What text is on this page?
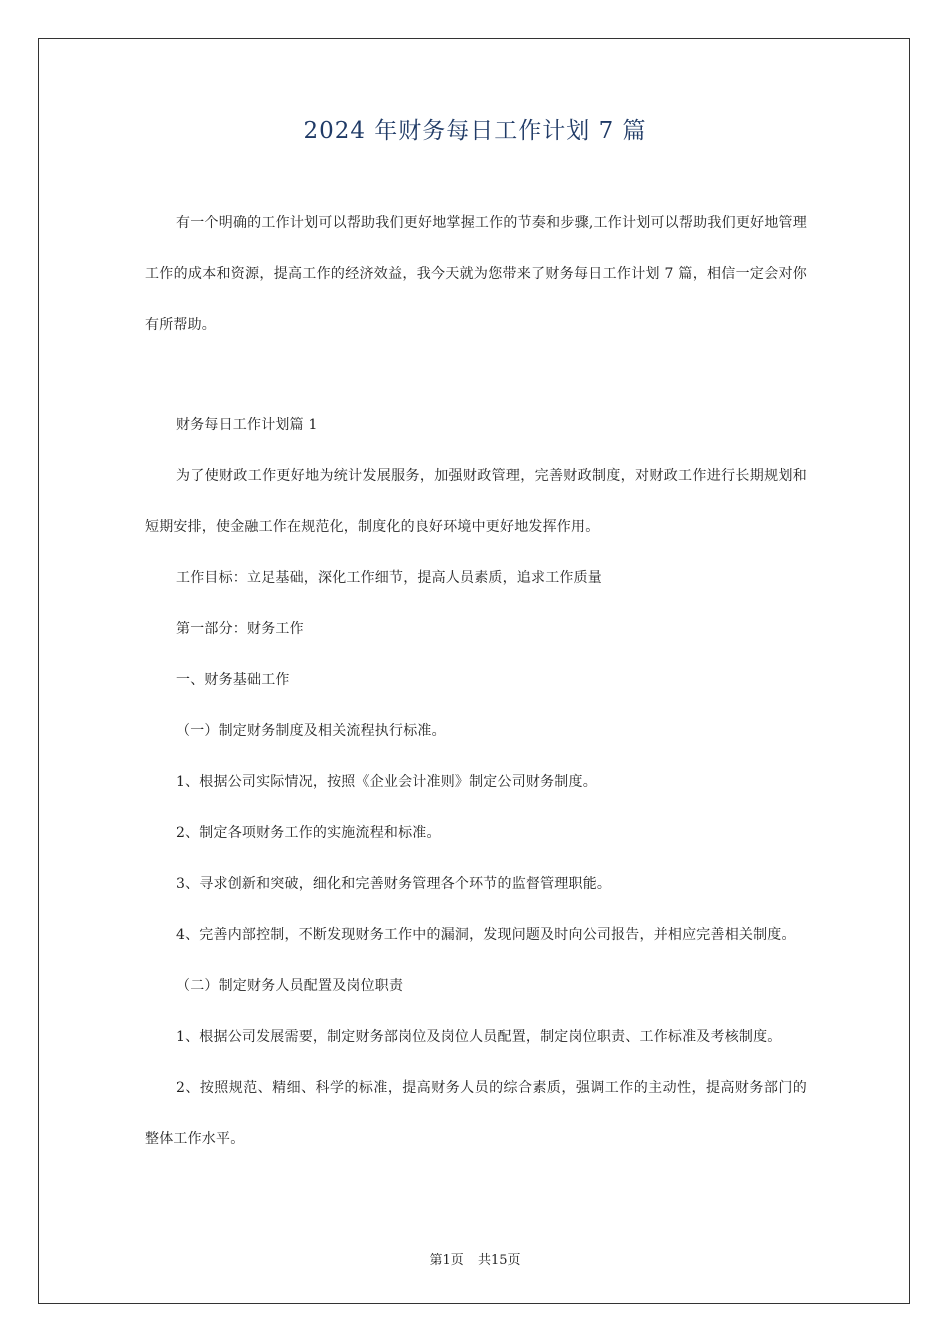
2024 年财务每日工作计划 7 篇

有一个明确的工作计划可以帮助我们更好地掌握工作的节奏和步骤,工作计划可以帮助我们更好地管理工作的成本和资源，提高工作的经济效益，我今天就为您带来了财务每日工作计划 7 篇，相信一定会对你有所帮助。

财务每日工作计划篇 1

为了使财政工作更好地为统计发展服务，加强财政管理，完善财政制度，对财政工作进行长期规划和短期安排，使金融工作在规范化，制度化的良好环境中更好地发挥作用。

工作目标：立足基础，深化工作细节，提高人员素质，追求工作质量

第一部分：财务工作

一、财务基础工作

（一）制定财务制度及相关流程执行标准。

1、根据公司实际情况，按照《企业会计准则》制定公司财务制度。

2、制定各项财务工作的实施流程和标准。

3、寻求创新和突破，细化和完善财务管理各个环节的监督管理职能。

4、完善内部控制，不断发现财务工作中的漏洞，发现问题及时向公司报告，并相应完善相关制度。

（二）制定财务人员配置及岗位职责

1、根据公司发展需要，制定财务部岗位及岗位人员配置，制定岗位职责、工作标准及考核制度。

2、按照规范、精细、科学的标准，提高财务人员的综合素质，强调工作的主动性，提高财务部门的整体工作水平。

第1页 共15页
